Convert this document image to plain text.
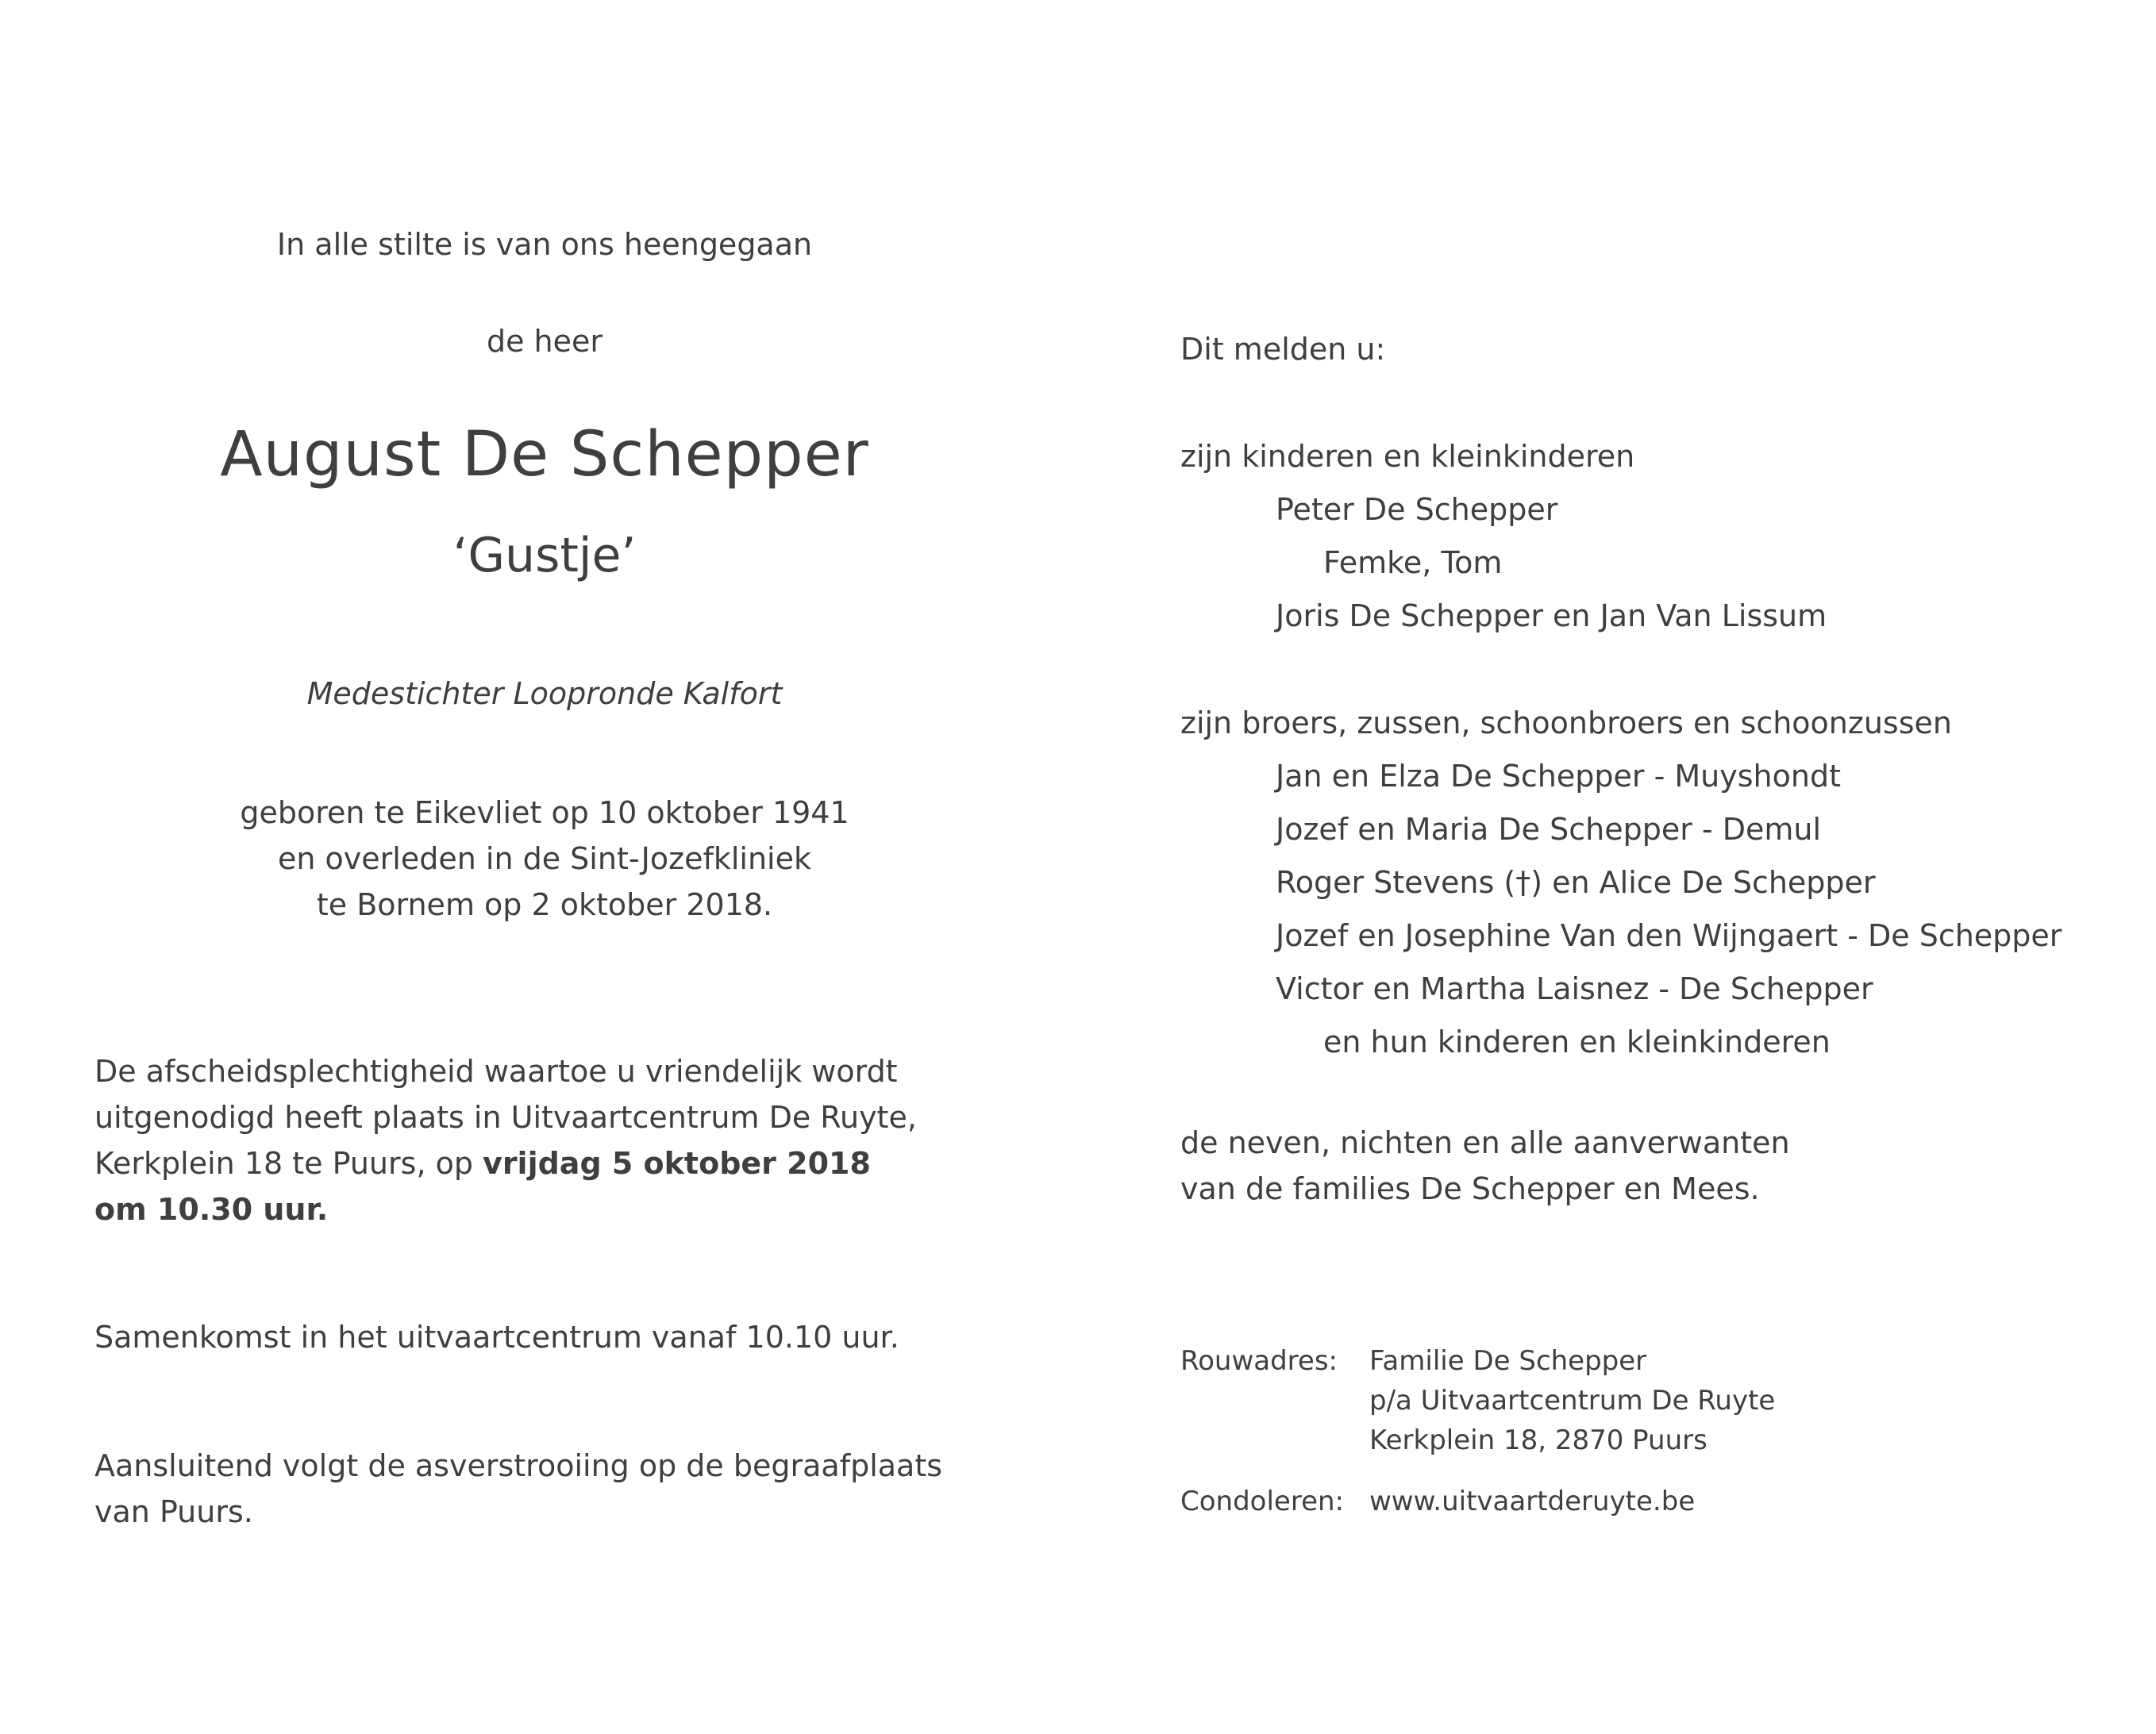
In alle stilte is van ons heengegaan
de heer
August De Schepper
‘Gustje’
Medestichter Loopronde Kalfort
geboren te Eikevliet op 10 oktober 1941
en overleden in de Sint-Jozefkliniek
te Bornem op 2 oktober 2018.
De afscheidsplechtigheid waartoe u vriendelijk wordt
uitgenodigd heeft plaats in Uitvaartcentrum De Ruyte,
Kerkplein 18 te Puurs, op vrijdag 5 oktober 2018
om 10.30 uur.
Samenkomst in het uitvaartcentrum vanaf 10.10 uur.
Aansluitend volgt de asverstrooiing op de begraafplaats
van Puurs.
Dit melden u:
zijn kinderen en kleinkinderen
Peter De Schepper
Femke, Tom
Joris De Schepper en Jan Van Lissum
zijn broers, zussen, schoonbroers en schoonzussen
Jan en Elza De Schepper - Muyshondt
Jozef en Maria De Schepper - Demul
Roger Stevens (†) en Alice De Schepper
Jozef en Josephine Van den Wijngaert - De Schepper
Victor en Martha Laisnez - De Schepper
en hun kinderen en kleinkinderen
de neven, nichten en alle aanverwanten
van de families De Schepper en Mees.
Rouwadres: Familie De Schepper
p/a Uitvaartcentrum De Ruyte
Kerkplein 18, 2870 Puurs
Condoleren: www.uitvaartderuyte.be
